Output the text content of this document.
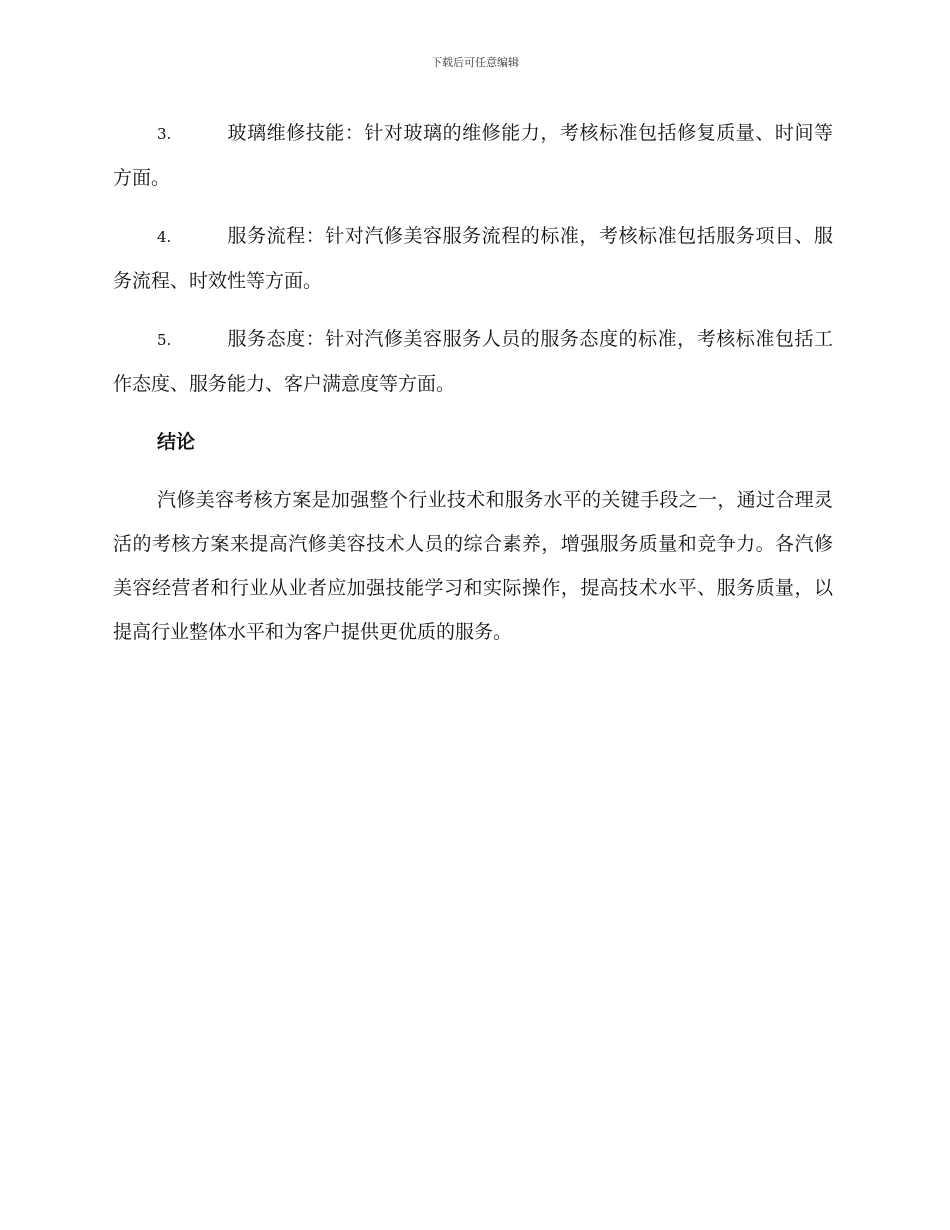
下载后可任意编辑
3.	玻璃维修技能：针对玻璃的维修能力，考核标准包括修复质量、时间等方面。
4.	服务流程：针对汽修美容服务流程的标准，考核标准包括服务项目、服务流程、时效性等方面。
5.	服务态度：针对汽修美容服务人员的服务态度的标准，考核标准包括工作态度、服务能力、客户满意度等方面。
结论
汽修美容考核方案是加强整个行业技术和服务水平的关键手段之一，通过合理灵活的考核方案来提高汽修美容技术人员的综合素养，增强服务质量和竞争力。各汽修美容经营者和行业从业者应加强技能学习和实际操作，提高技术水平、服务质量，以提高行业整体水平和为客户提供更优质的服务。
